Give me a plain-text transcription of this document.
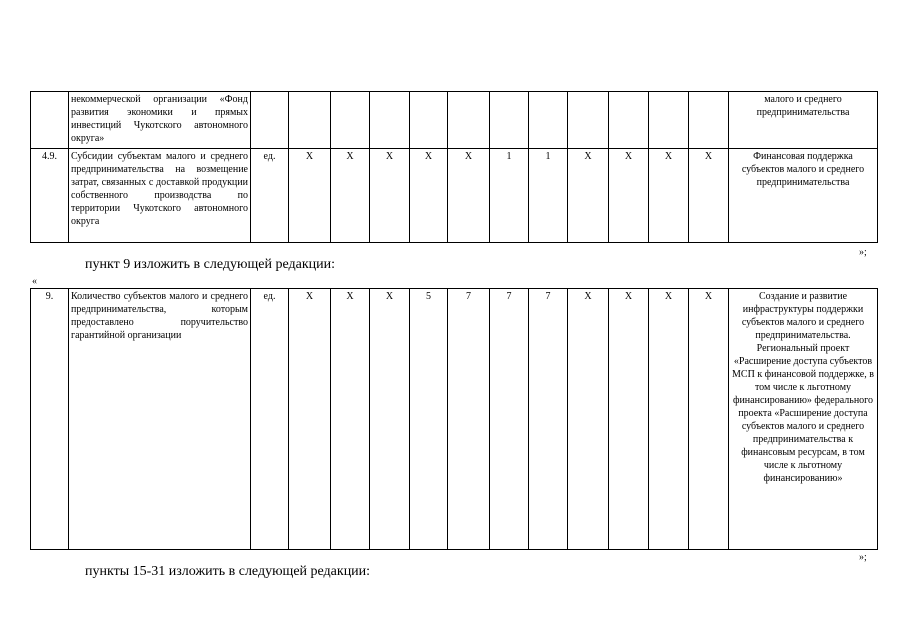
	некоммерческой организации «Фонд развития экономики и прямых инвестиций Чукотского автономного округа»													малого и среднего предпринимательства
4.9.	Субсидии субъектам малого и среднего предпринимательства на возмещение затрат, связанных с доставкой продукции собственного производства по территории Чукотского автономного округа	ед.	Х	Х	Х	Х	Х	1	1	Х	Х	Х	Х	Финансовая поддержка субъектов малого и среднего предпринимательства
»;
пункт 9 изложить в следующей редакции:
«
9.	Количество субъектов малого и среднего предпринимательства, которым предоставлено поручительство гарантийной организации	ед.	Х	Х	Х	5	7	7	7	Х	Х	Х	Х	Создание и развитие инфраструктуры поддержки субъектов малого и среднего предпринимательства. Региональный проект «Расширение доступа субъектов МСП к финансовой поддержке, в том числе к льготному финансированию» федерального проекта «Расширение доступа субъектов малого и среднего предпринимательства к финансовым ресурсам, в том числе к льготному финансированию»
»;
пункты 15-31 изложить в следующей редакции:
